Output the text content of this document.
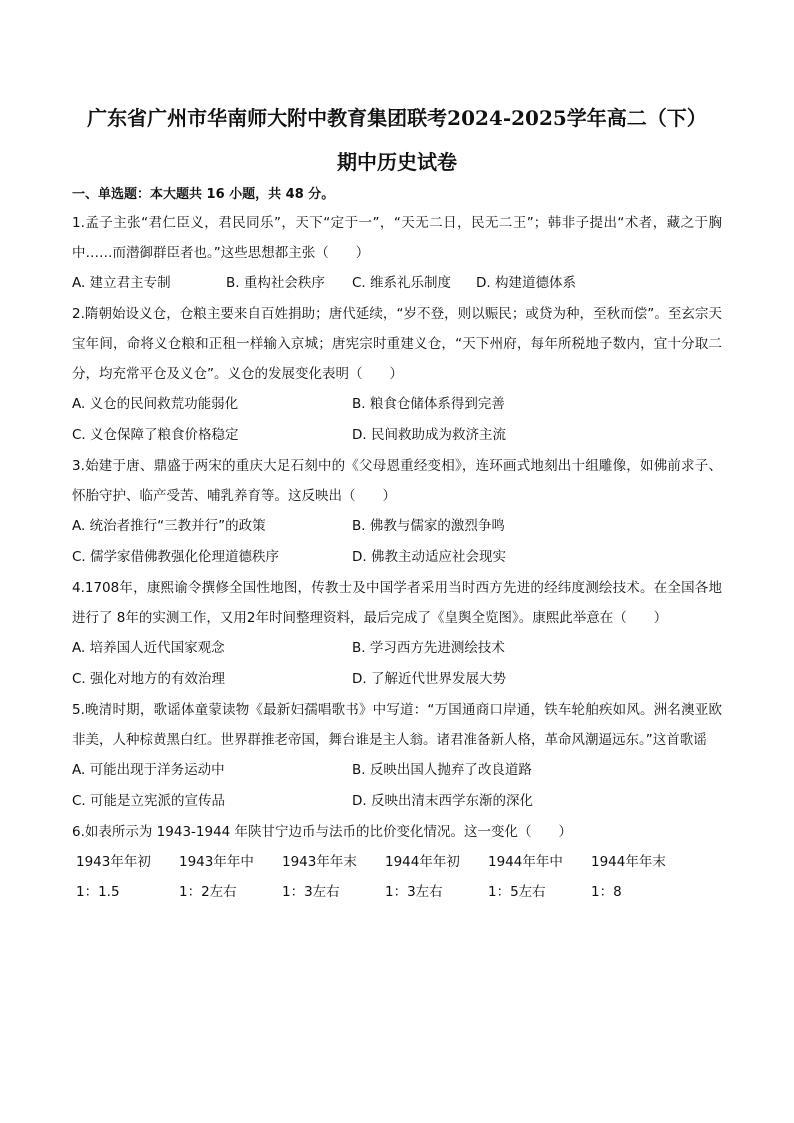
广东省广州市华南师大附中教育集团联考2024-2025学年高二（下）
期中历史试卷
一、单选题：本大题共 16 小题，共 48 分。
1.孟子主张“君仁臣义，君民同乐”，天下“定于一”，“天无二日，民无二王”；韩非子提出“术者，藏之于胸中……而潜御群臣者也。”这些思想都主张（　　）
A. 建立君主专制	B. 重构社会秩序	C. 维系礼乐制度	D. 构建道德体系
2.隋朝始设义仓，仓粮主要来自百姓捐助；唐代延续，“岁不登，则以赈民；或贷为种，至秋而偿”。至玄宗天宝年间，命将义仓粮和正租一样输入京城；唐宪宗时重建义仓，“天下州府，每年所税地子数内，宜十分取二分，均充常平仓及义仓”。义仓的发展变化表明（　　）
A. 义仓的民间救荒功能弱化	B. 粮食仓储体系得到完善
C. 义仓保障了粮食价格稳定	D. 民间救助成为救济主流
3.始建于唐、鼎盛于两宋的重庆大足石刻中的《父母恩重经变相》，连环画式地刻出十组雕像，如佛前求子、怀胎守护、临产受苦、哺乳养育等。这反映出（　　）
A. 统治者推行“三教并行”的政策	B. 佛教与儒家的激烈争鸣
C. 儒学家借佛教强化伦理道德秩序	D. 佛教主动适应社会现实
4.1708年，康熙谕令撰修全国性地图，传教士及中国学者采用当时西方先进的经纬度测绘技术。在全国各地进行了 8年的实测工作，又用2年时间整理资料，最后完成了《皇舆全览图》。康熙此举意在（　　）
A. 培养国人近代国家观念	B. 学习西方先进测绘技术
C. 强化对地方的有效治理	D. 了解近代世界发展大势
5.晚清时期，歌谣体童蒙读物《最新妇孺唱歌书》中写道：“万国通商口岸通，铁车轮舶疾如风。洲名澳亚欧非美，人种棕黄黑白红。世界群推老帝国，舞台谁是主人翁。诸君准备新人格，革命风潮逼远东。”这首歌谣
A. 可能出现于洋务运动中	B. 反映出国人抛弃了改良道路
C. 可能是立宪派的宣传品	D. 反映出清末西学东渐的深化
6.如表所示为 1943-1944 年陕甘宁边币与法币的比价变化情况。这一变化（　　）
1943年年初	1943年年中	1943年年末	1944年年初	1944年年中	1944年年末
1：1.5	1：2左右	1：3左右	1：3左右	1：5左右	1：8
